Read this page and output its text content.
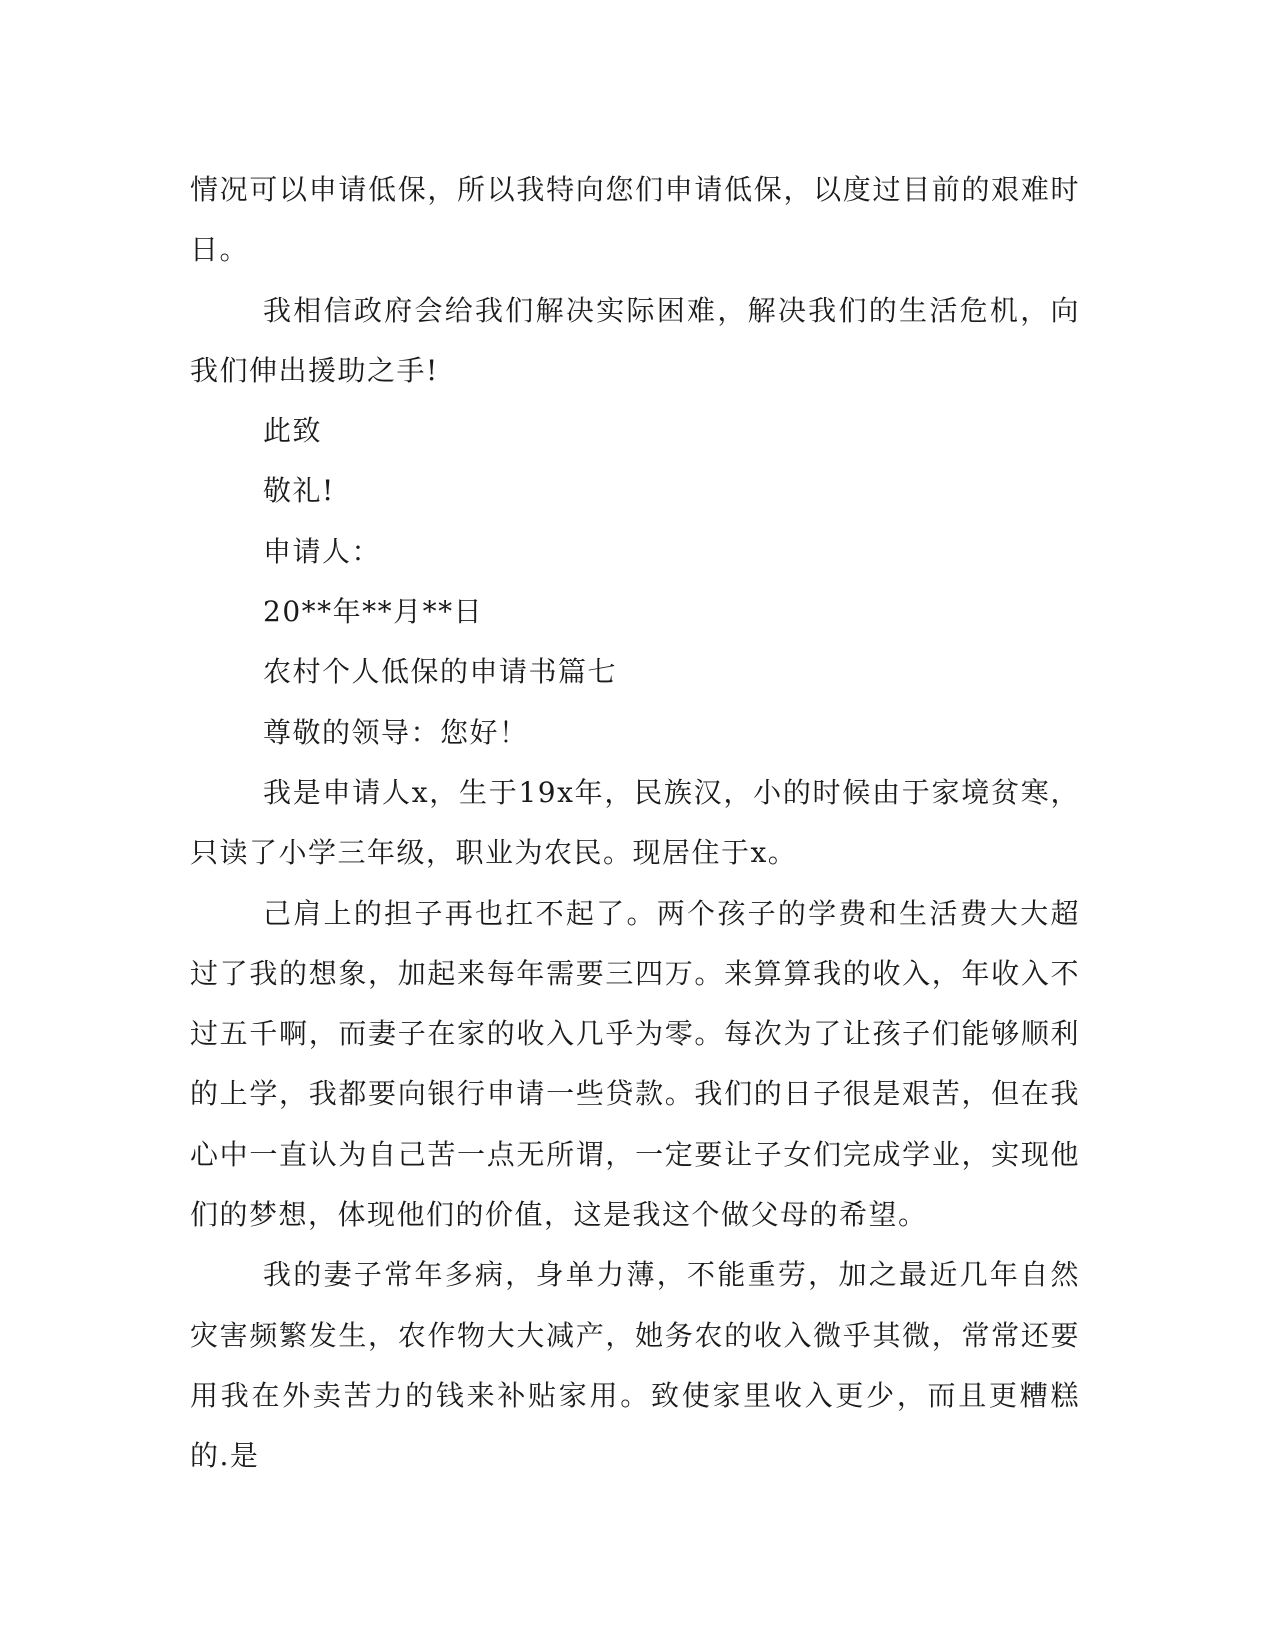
情况可以申请低保，所以我特向您们申请低保，以度过目前的艰难时日。

我相信政府会给我们解决实际困难，解决我们的生活危机，向我们伸出援助之手!

此致

敬礼!

申请人：

20**年**月**日

农村个人低保的申请书篇七

尊敬的领导：您好！

我是申请人x，生于19x年，民族汉，小的时候由于家境贫寒，只读了小学三年级，职业为农民。现居住于x。

己肩上的担子再也扛不起了。两个孩子的学费和生活费大大超过了我的想象，加起来每年需要三四万。来算算我的收入，年收入不过五千啊，而妻子在家的收入几乎为零。每次为了让孩子们能够顺利的上学，我都要向银行申请一些贷款。我们的日子很是艰苦，但在我心中一直认为自己苦一点无所谓，一定要让子女们完成学业，实现他们的梦想，体现他们的价值，这是我这个做父母的希望。

我的妻子常年多病，身单力薄，不能重劳，加之最近几年自然灾害频繁发生，农作物大大减产，她务农的收入微乎其微，常常还要用我在外卖苦力的钱来补贴家用。致使家里收入更少，而且更糟糕的.是
